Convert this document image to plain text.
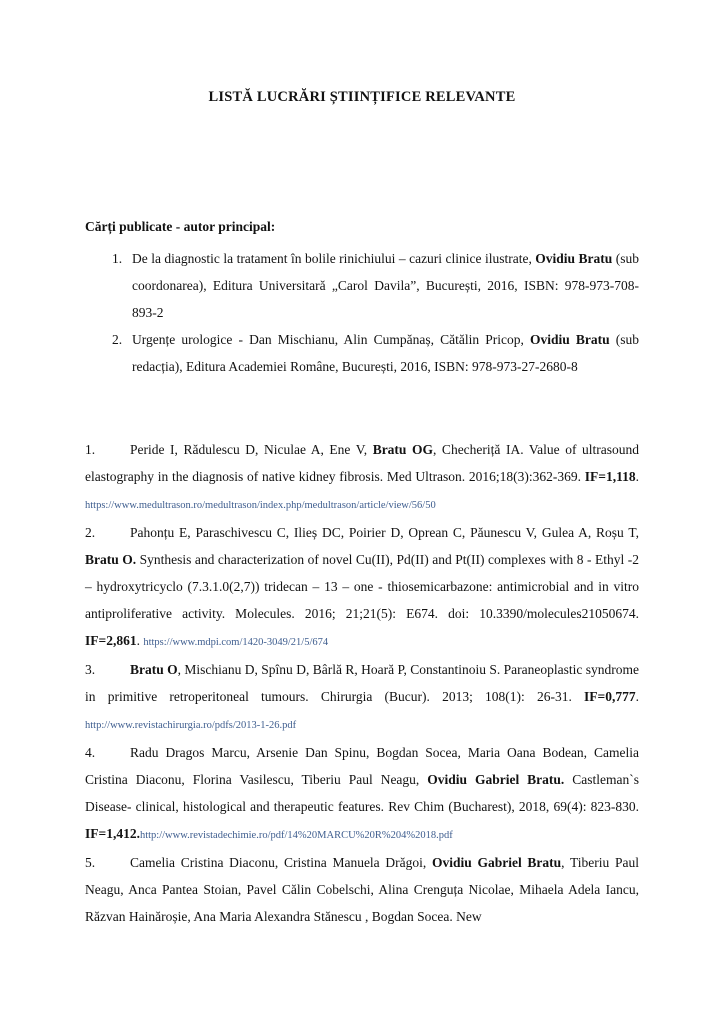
LISTĂ LUCRĂRI ȘTIINȚIFICE RELEVANTE
Cărți publicate - autor principal:
1. De la diagnostic la tratament în bolile rinichiului – cazuri clinice ilustrate, Ovidiu Bratu (sub coordonarea), Editura Universitară „Carol Davila”, București, 2016, ISBN: 978-973-708-893-2
2. Urgențe urologice - Dan Mischianu, Alin Cumpănaș, Cătălin Pricop, Ovidiu Bratu (sub redacția), Editura Academiei Române, București, 2016, ISBN: 978-973-27-2680-8

1.	Peride I, Rădulescu D, Niculae A, Ene V, Bratu OG, Checheriță IA. Value of ultrasound elastography in the diagnosis of native kidney fibrosis. Med Ultrason. 2016;18(3):362-369. IF=1,118. https://www.medultrason.ro/medultrason/index.php/medultrason/article/view/56/50

2.	Pahonțu E, Paraschivescu C, Ilieș DC, Poirier D, Oprean C, Păunescu V, Gulea A, Roșu T, Bratu O. Synthesis and characterization of novel Cu(II), Pd(II) and Pt(II) complexes with 8 - Ethyl -2 – hydroxytricyclo (7.3.1.0(2,7)) tridecan – 13 – one - thiosemicarbazone: antimicrobial and in vitro antiproliferative activity. Molecules. 2016; 21;21(5): E674. doi: 10.3390/molecules21050674. IF=2,861. https://www.mdpi.com/1420-3049/21/5/674

3.	Bratu O, Mischianu D, Spînu D, Bârlă R, Hoară P, Constantinoiu S. Paraneoplastic syndrome in primitive retroperitoneal tumours. Chirurgia (Bucur). 2013; 108(1): 26-31. IF=0,777. http://www.revistachirurgia.ro/pdfs/2013-1-26.pdf

4.	Radu Dragos Marcu, Arsenie Dan Spinu, Bogdan Socea, Maria Oana Bodean, Camelia Cristina Diaconu, Florina Vasilescu, Tiberiu Paul Neagu, Ovidiu Gabriel Bratu. Castleman`s Disease- clinical, histological and therapeutic features. Rev Chim (Bucharest), 2018, 69(4): 823-830. IF=1,412.http://www.revistadechimie.ro/pdf/14%20MARCU%20R%204%2018.pdf

5.	Camelia Cristina Diaconu, Cristina Manuela Drăgoi, Ovidiu Gabriel Bratu, Tiberiu Paul Neagu, Anca Pantea Stoian, Pavel Călin Cobelschi, Alina Crenguța Nicolae, Mihaela Adela Iancu, Răzvan Hainăroșie, Ana Maria Alexandra Stănescu , Bogdan Socea. New
